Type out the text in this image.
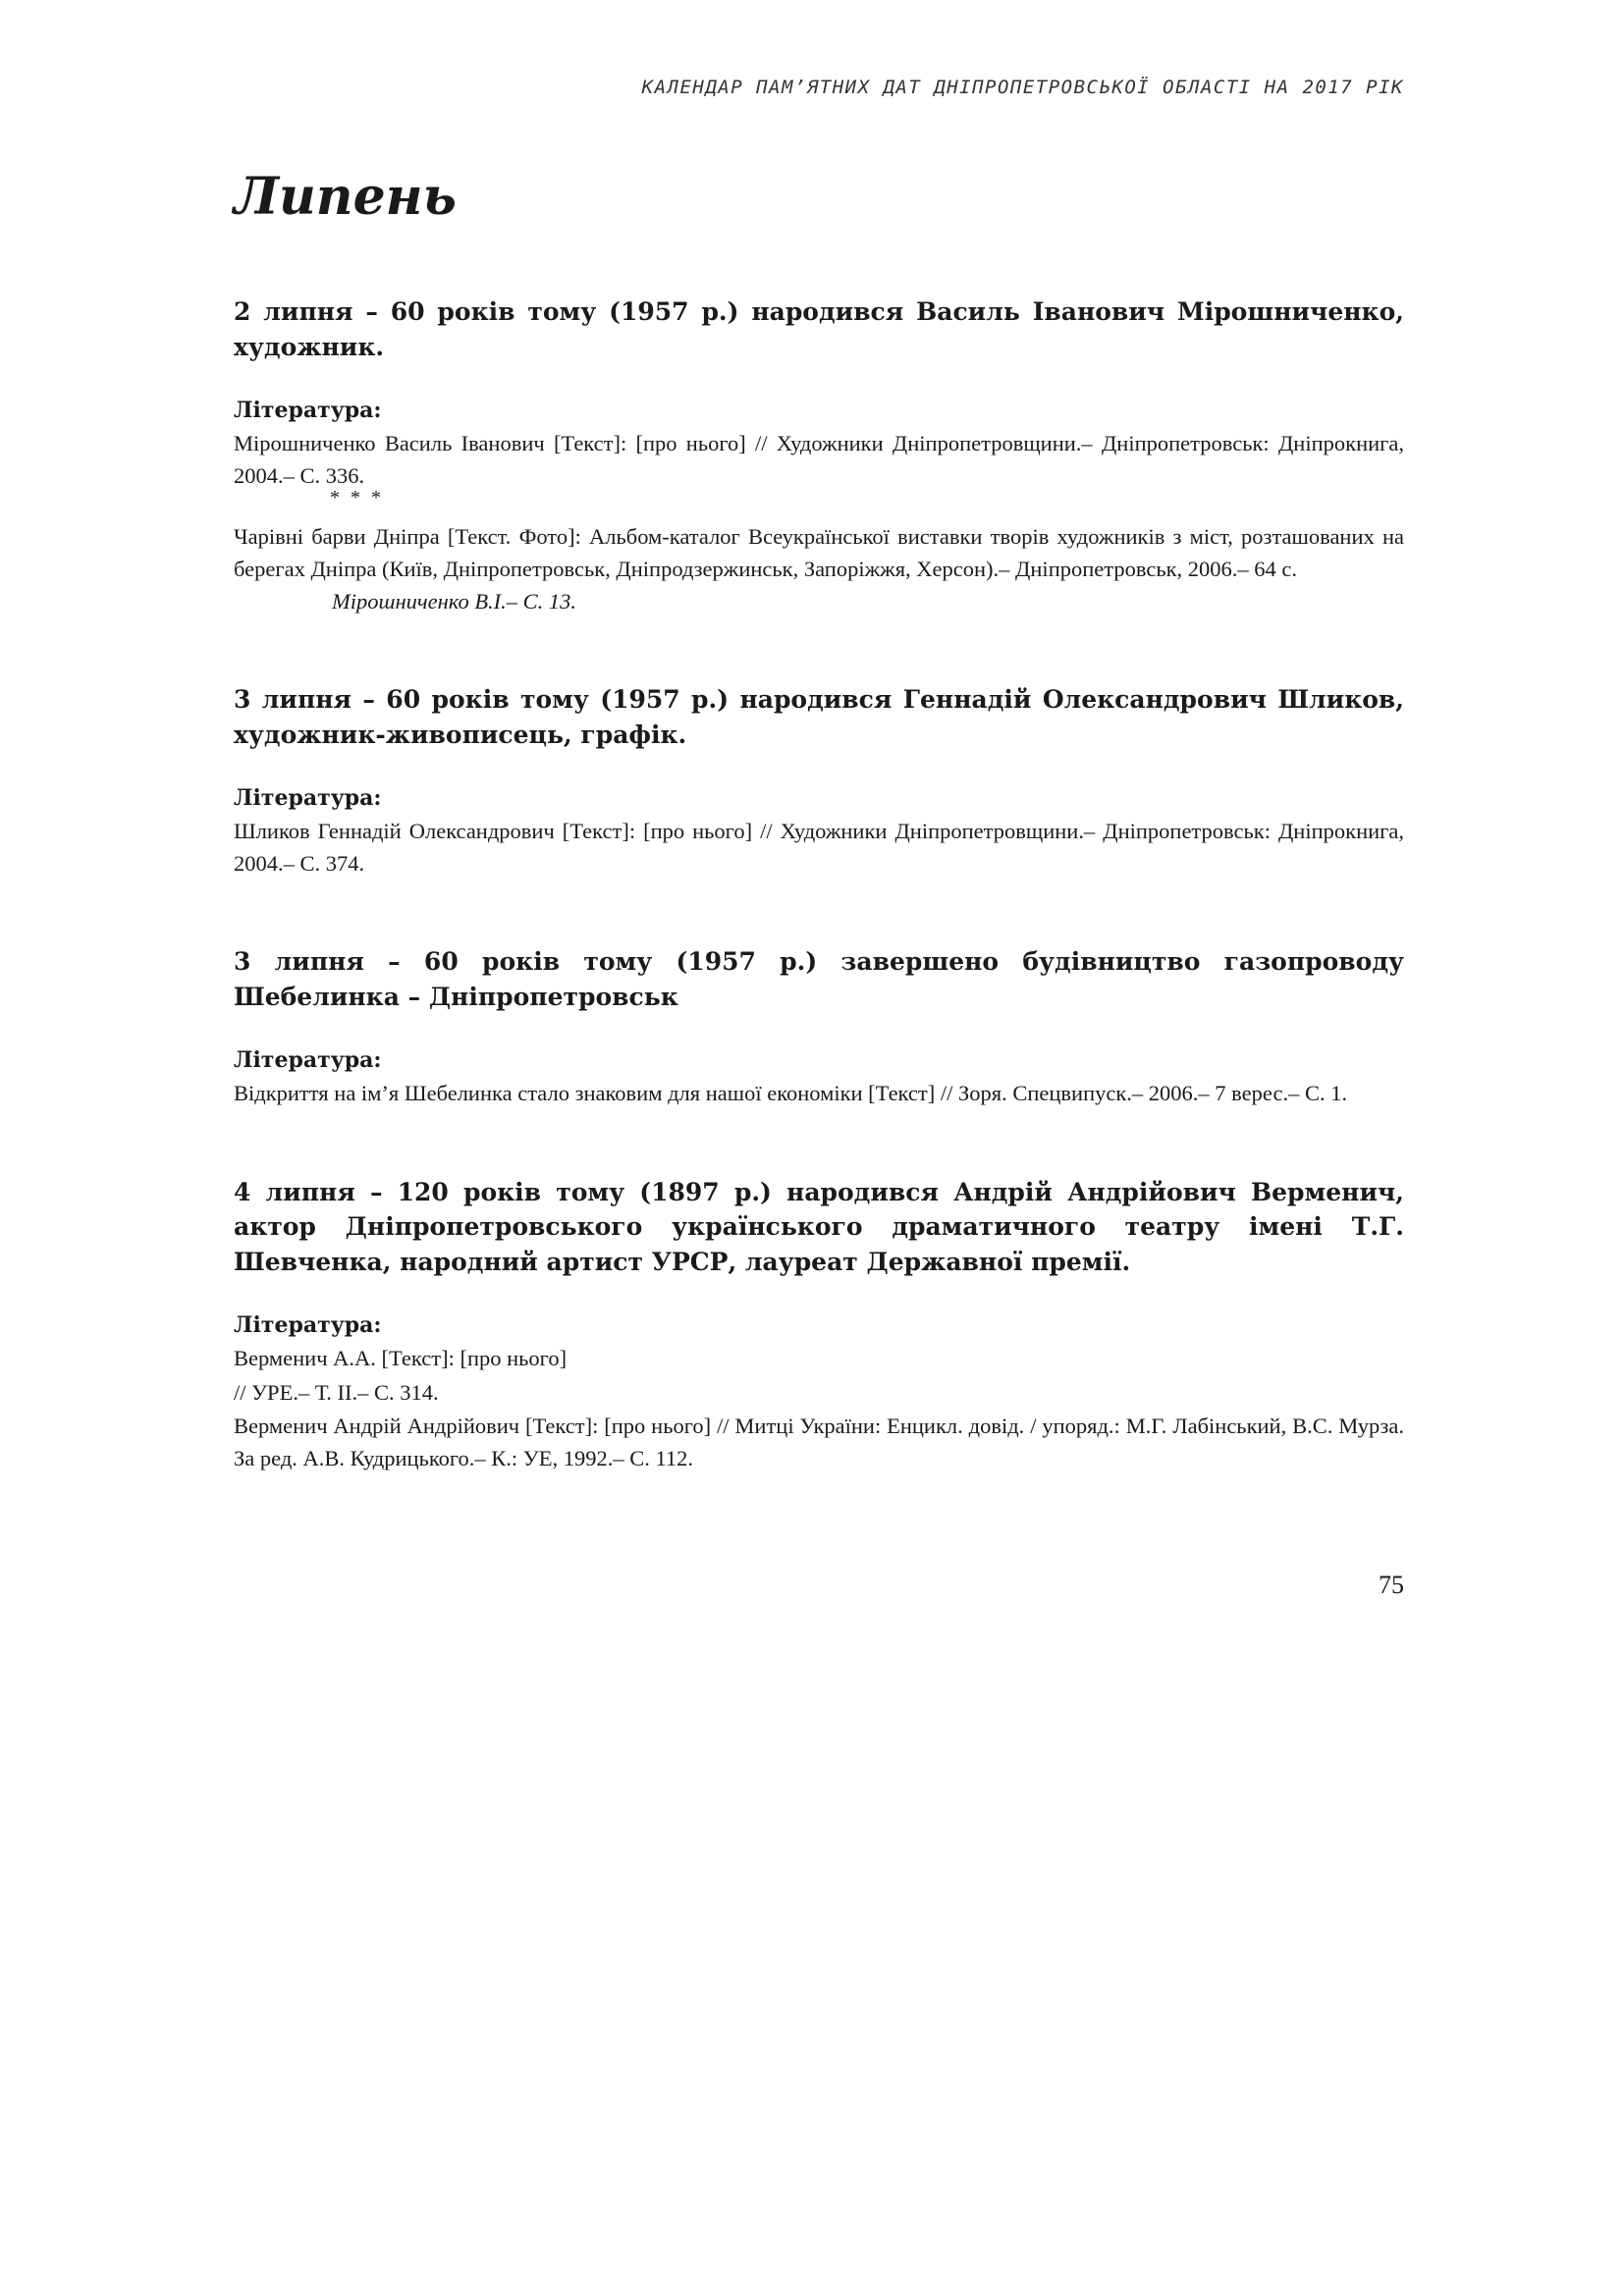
КАЛЕНДАР ПАМ’ЯТНИХ ДАТ ДНІПРОПЕТРОВСЬКОЇ ОБЛАСТІ НА 2017 РІК
Липень

2 липня – 60 років тому (1957 р.) народився Василь Іванович Мірошниченко, художник.

Література:

Мірошниченко Василь Іванович [Текст]: [про нього] // Художники Дніпропетровщини.– Дніпропетровськ: Дніпрокнига, 2004.– С. 336.

* * *

Чарівні барви Дніпра [Текст. Фото]: Альбом-каталог Всеукраїнської виставки творів художників з міст, розташованих на берегах Дніпра (Київ, Дніпропетровськ, Дніпродзержинськ, Запоріжжя, Херсон).– Дніпропетровськ, 2006.– 64 с.

Мірошниченко В.І.– С. 13.

3 липня – 60 років тому (1957 р.) народився Геннадій Олександрович Шликов, художник-живописець, графік.

Література:

Шликов Геннадій Олександрович [Текст]: [про нього] // Художники Дніпропетровщини.– Дніпропетровськ: Дніпрокнига, 2004.– С. 374.

3 липня – 60 років тому (1957 р.) завершено будівництво газопроводу Шебелинка – Дніпропетровськ

Література:

Відкриття на ім’я Шебелинка стало знаковим для нашої економіки [Текст] // Зоря. Спецвипуск.– 2006.– 7 верес.– С. 1.

4 липня – 120 років тому (1897 р.) народився Андрій Андрійович Верменич, актор Дніпропетровського українського драматичного театру імені Т.Г. Шевченка, народний артист УРСР, лауреат Державної премії.

Література:

Верменич А.А. [Текст]: [про нього]

// УРЕ.– Т. ІІ.– С. 314.

Верменич Андрій Андрійович [Текст]: [про нього] // Митці України: Енцикл. довід. / упоряд.: М.Г. Лабінський, В.С. Мурза. За ред. А.В. Кудрицького.– К.: УЕ, 1992.– С. 112.

75
